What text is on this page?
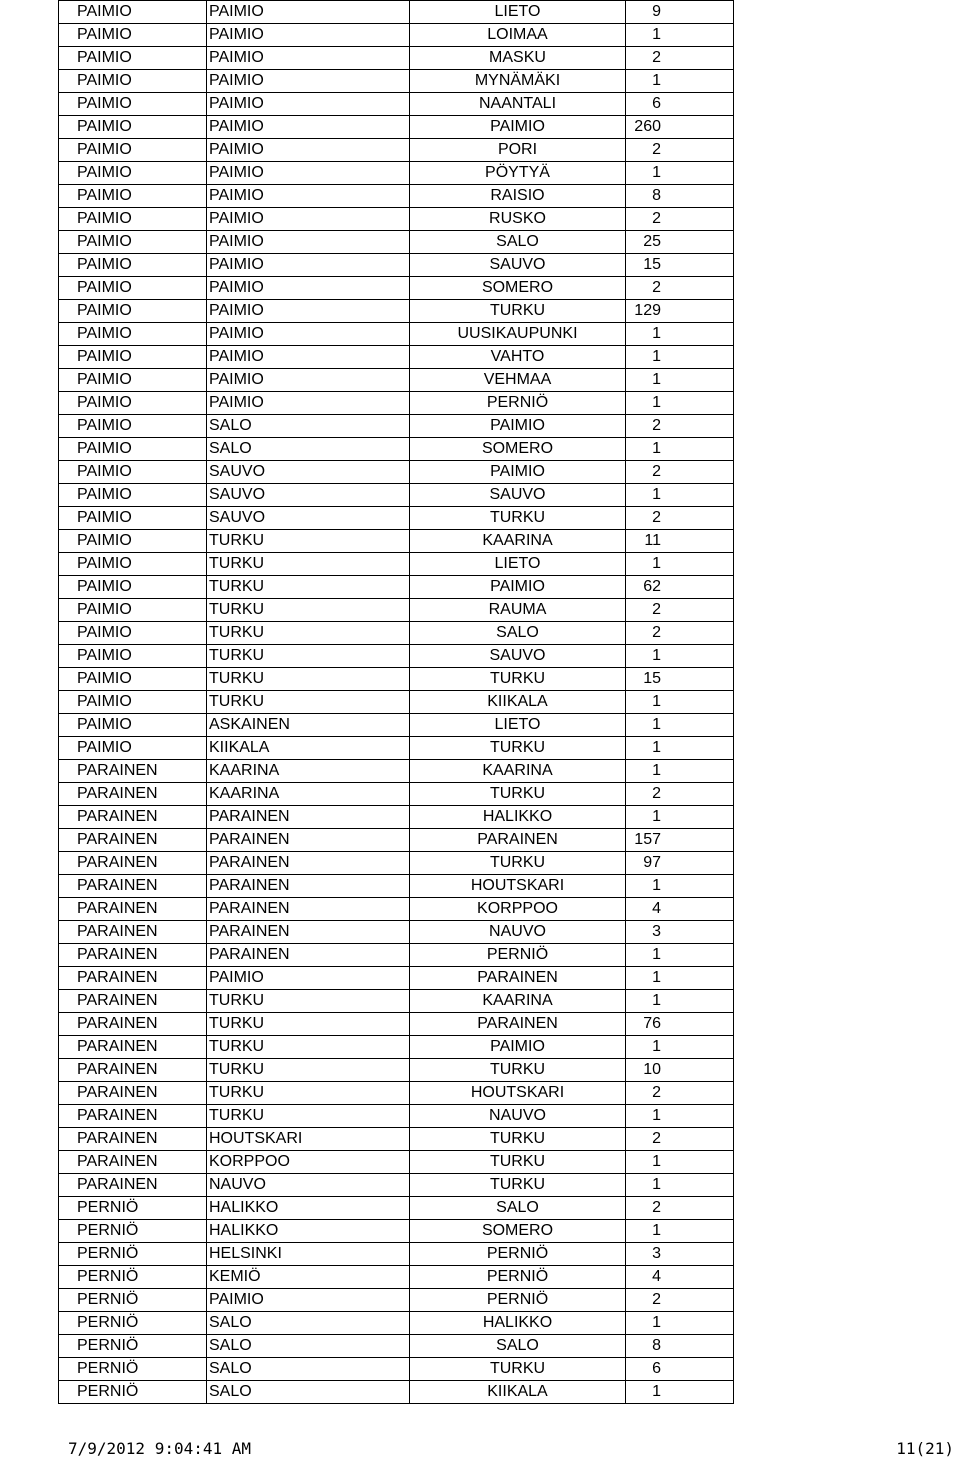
PAIMIO	PAIMIO	LIETO	9
PAIMIO	PAIMIO	LOIMAA	1
PAIMIO	PAIMIO	MASKU	2
PAIMIO	PAIMIO	MYNÄMÄKI	1
PAIMIO	PAIMIO	NAANTALI	6
PAIMIO	PAIMIO	PAIMIO	260
PAIMIO	PAIMIO	PORI	2
PAIMIO	PAIMIO	PÖYTYÄ	1
PAIMIO	PAIMIO	RAISIO	8
PAIMIO	PAIMIO	RUSKO	2
PAIMIO	PAIMIO	SALO	25
PAIMIO	PAIMIO	SAUVO	15
PAIMIO	PAIMIO	SOMERO	2
PAIMIO	PAIMIO	TURKU	129
PAIMIO	PAIMIO	UUSIKAUPUNKI	1
PAIMIO	PAIMIO	VAHTO	1
PAIMIO	PAIMIO	VEHMAA	1
PAIMIO	PAIMIO	PERNIÖ	1
PAIMIO	SALO	PAIMIO	2
PAIMIO	SALO	SOMERO	1
PAIMIO	SAUVO	PAIMIO	2
PAIMIO	SAUVO	SAUVO	1
PAIMIO	SAUVO	TURKU	2
PAIMIO	TURKU	KAARINA	11
PAIMIO	TURKU	LIETO	1
PAIMIO	TURKU	PAIMIO	62
PAIMIO	TURKU	RAUMA	2
PAIMIO	TURKU	SALO	2
PAIMIO	TURKU	SAUVO	1
PAIMIO	TURKU	TURKU	15
PAIMIO	TURKU	KIIKALA	1
PAIMIO	ASKAINEN	LIETO	1
PAIMIO	KIIKALA	TURKU	1
PARAINEN	KAARINA	KAARINA	1
PARAINEN	KAARINA	TURKU	2
PARAINEN	PARAINEN	HALIKKO	1
PARAINEN	PARAINEN	PARAINEN	157
PARAINEN	PARAINEN	TURKU	97
PARAINEN	PARAINEN	HOUTSKARI	1
PARAINEN	PARAINEN	KORPPOO	4
PARAINEN	PARAINEN	NAUVO	3
PARAINEN	PARAINEN	PERNIÖ	1
PARAINEN	PAIMIO	PARAINEN	1
PARAINEN	TURKU	KAARINA	1
PARAINEN	TURKU	PARAINEN	76
PARAINEN	TURKU	PAIMIO	1
PARAINEN	TURKU	TURKU	10
PARAINEN	TURKU	HOUTSKARI	2
PARAINEN	TURKU	NAUVO	1
PARAINEN	HOUTSKARI	TURKU	2
PARAINEN	KORPPOO	TURKU	1
PARAINEN	NAUVO	TURKU	1
PERNIÖ	HALIKKO	SALO	2
PERNIÖ	HALIKKO	SOMERO	1
PERNIÖ	HELSINKI	PERNIÖ	3
PERNIÖ	KEMIÖ	PERNIÖ	4
PERNIÖ	PAIMIO	PERNIÖ	2
PERNIÖ	SALO	HALIKKO	1
PERNIÖ	SALO	SALO	8
PERNIÖ	SALO	TURKU	6
PERNIÖ	SALO	KIIKALA	1
7/9/2012 9:04:41 AM	11(21)
